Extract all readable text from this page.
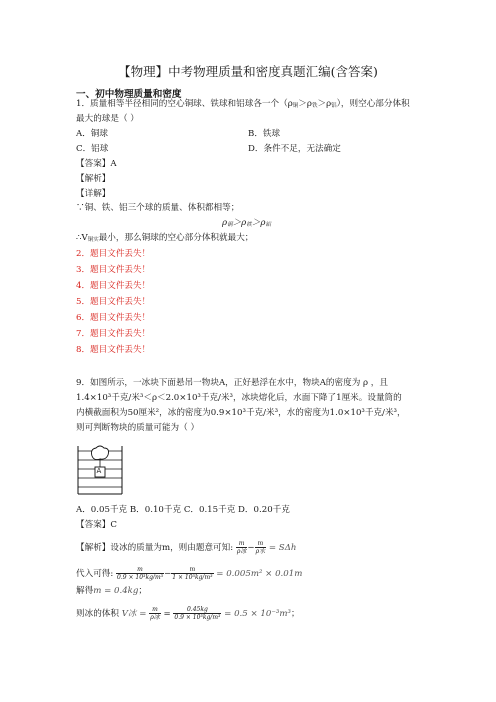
【物理】中考物理质量和密度真题汇编(含答案)
一、初中物理质量和密度
1．质量相等半径相同的空心铜球、铁球和铝球各一个（ρ铜＞ρ铁＞ρ铝），则空心部分体积
最大的球是（ ）
A．铜球	B．铁球
C．铝球	D．条件不足，无法确定
【答案】A
【解析】
【详解】
∵铜、铁、铝三个球的质量、体积都相等；
ρ铜＞ρ铁＞ρ铝
∴V铜实最小，那么铜球的空心部分体积就最大；
2．题目文件丢失！
3．题目文件丢失！
4．题目文件丢失！
5．题目文件丢失！
6．题目文件丢失！
7．题目文件丢失！
8．题目文件丢失！
9．如图所示，一冰块下面悬吊一物块A，正好悬浮在水中，物块A的密度为 ρ ，且
1.4×10³千克/米³＜ρ＜2.0×10³千克/米³，冰块熔化后，水面下降了1厘米。设量筒的
内横截面积为50厘米²，冰的密度为0.9×10³千克/米³，水的密度为1.0×10³千克/米³，
则可判断物块的质量可能为（ ）
A
A．0.05千克 B．0.10千克 C．0.15千克 D．0.20千克
【答案】C
【解析】设冰的质量为m，则由题意可知: $\frac{m}{\text{ρ冰}} - \frac{m}{\text{ρ水}} = S\Delta h$
代入可得: $\frac{m}{\text{0.9 × 10³kg/m³}} - \frac{m}{\text{1 × 10³kg/m³}} = 0.005m^2 \times 0.01m$
解得m = 0.4kg；
则冰的体积 V冰 = $\frac{m}{\text{ρ冰}} = \frac{0.45kg}{\text{0.9 × 10³kg/m³}} = 0.5 \times 10^{-3}m^3$；
